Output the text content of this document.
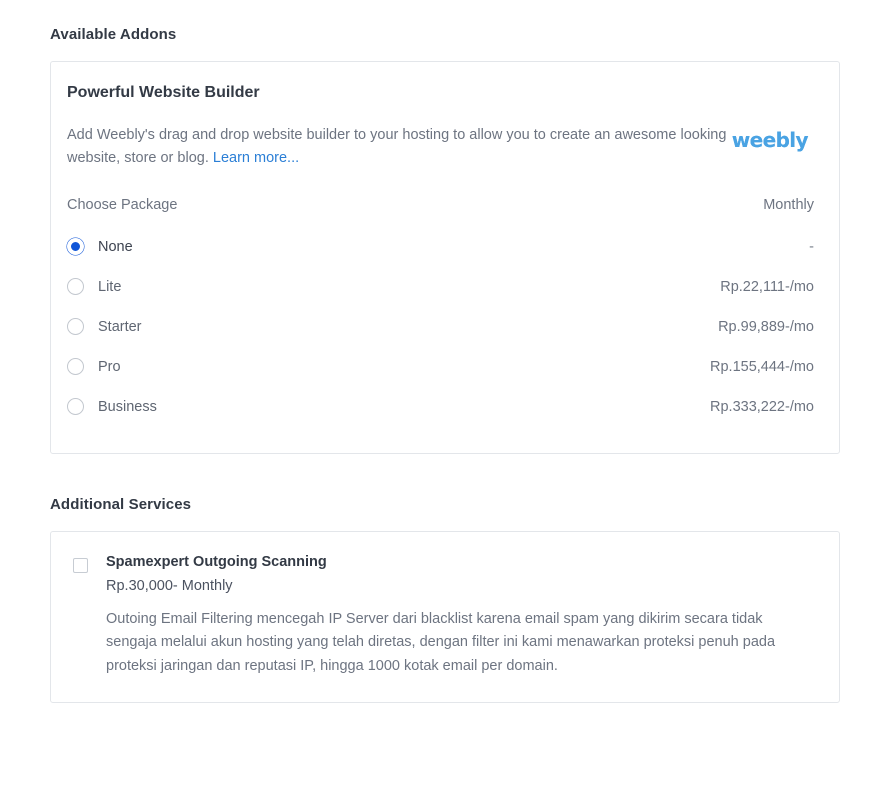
Available Addons
Powerful Website Builder
Add Weebly's drag and drop website builder to your hosting to allow you to create an awesome looking website, store or blog. Learn more...
weebly
Choose Package	Monthly
None	-
Lite	Rp.22,111-/mo
Starter	Rp.99,889-/mo
Pro	Rp.155,444-/mo
Business	Rp.333,222-/mo
Additional Services

Spamexpert Outgoing Scanning

Rp.30,000- Monthly

Outoing Email Filtering mencegah IP Server dari blacklist karena email spam yang dikirim secara tidak sengaja melalui akun hosting yang telah diretas, dengan filter ini kami menawarkan proteksi penuh pada proteksi jaringan dan reputasi IP, hingga 1000 kotak email per domain.
